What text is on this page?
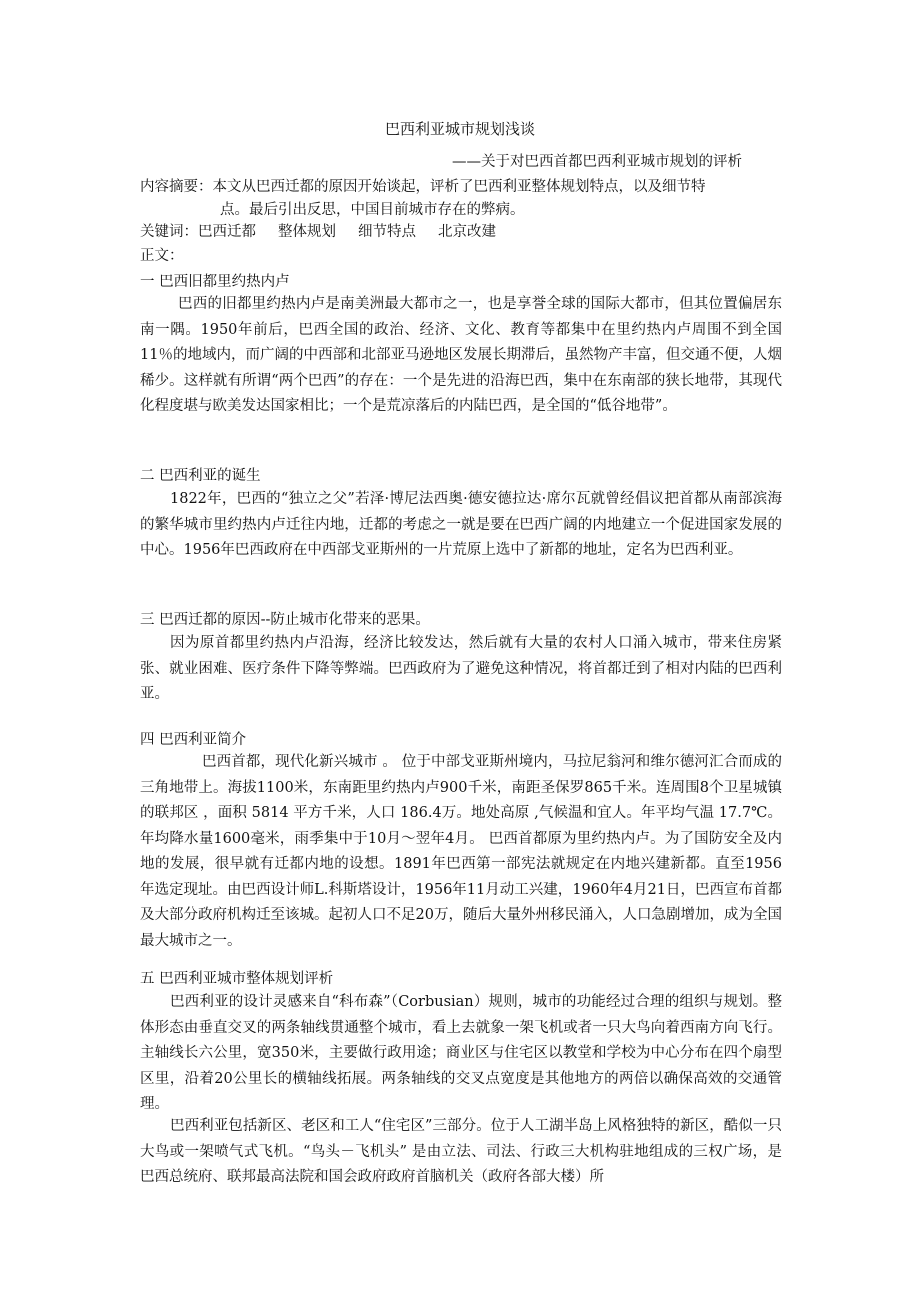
巴西利亚城市规划浅谈
——关于对巴西首都巴西利亚城市规划的评析
内容摘要：本文从巴西迁都的原因开始谈起，评析了巴西利亚整体规划特点，以及细节特
点。最后引出反思，中国目前城市存在的弊病。
关键词：巴西迁都 整体规划 细节特点 北京改建
正文：
一 巴西旧都里约热内卢
巴西的旧都里约热内卢是南美洲最大都市之一，也是享誉全球的国际大都市，但其位置偏居东南一隅。1950年前后，巴西全国的政治、经济、文化、教育等都集中在里约热内卢周围不到全国11％的地域内，而广阔的中西部和北部亚马逊地区发展长期滞后，虽然物产丰富，但交通不便，人烟稀少。这样就有所谓“两个巴西”的存在：一个是先进的沿海巴西，集中在东南部的狭长地带，其现代化程度堪与欧美发达国家相比；一个是荒凉落后的内陆巴西，是全国的“低谷地带”。
二 巴西利亚的诞生
1822年，巴西的“独立之父”若泽·博尼法西奥·德安德拉达·席尔瓦就曾经倡议把首都从南部滨海的繁华城市里约热内卢迁往内地，迁都的考虑之一就是要在巴西广阔的内地建立一个促进国家发展的中心。1956年巴西政府在中西部戈亚斯州的一片荒原上选中了新都的地址，定名为巴西利亚。
三 巴西迁都的原因--防止城市化带来的恶果。
因为原首都里约热内卢沿海，经济比较发达，然后就有大量的农村人口涌入城市，带来住房紧张、就业困难、医疗条件下降等弊端。巴西政府为了避免这种情况，将首都迁到了相对内陆的巴西利亚。
四 巴西利亚简介
巴西首都，现代化新兴城市 。 位于中部戈亚斯州境内，马拉尼翁河和维尔德河汇合而成的三角地带上。海拔1100米，东南距里约热内卢900千米，南距圣保罗865千米。连周围8个卫星城镇的联邦区 ，面积 5814 平方千米，人口 186.4万。地处高原 ,气候温和宜人。年平均气温 17.7℃。年均降水量1600毫米，雨季集中于10月～翌年4月。 巴西首都原为里约热内卢。为了国防安全及内地的发展，很早就有迁都内地的设想。1891年巴西第一部宪法就规定在内地兴建新都。直至1956 年选定现址。由巴西设计师L.科斯塔设计，1956年11月动工兴建，1960年4月21日，巴西宣布首都及大部分政府机构迁至该城。起初人口不足20万，随后大量外州移民涌入，人口急剧增加，成为全国最大城市之一。
五 巴西利亚城市整体规划评析
巴西利亚的设计灵感来自“科布森”（Corbusian）规则，城市的功能经过合理的组织与规划。整体形态由垂直交叉的两条轴线贯通整个城市，看上去就象一架飞机或者一只大鸟向着西南方向飞行。主轴线长六公里，宽350米，主要做行政用途；商业区与住宅区以教堂和学校为中心分布在四个扇型区里，沿着20公里长的横轴线拓展。两条轴线的交叉点宽度是其他地方的两倍以确保高效的交通管理。
巴西利亚包括新区、老区和工人“住宅区”三部分。位于人工湖半岛上风格独特的新区，酷似一只大鸟或一架喷气式飞机。“鸟头－飞机头” 是由立法、司法、行政三大机构驻地组成的三权广场，是巴西总统府、联邦最高法院和国会政府政府首脑机关（政府各部大楼）所
